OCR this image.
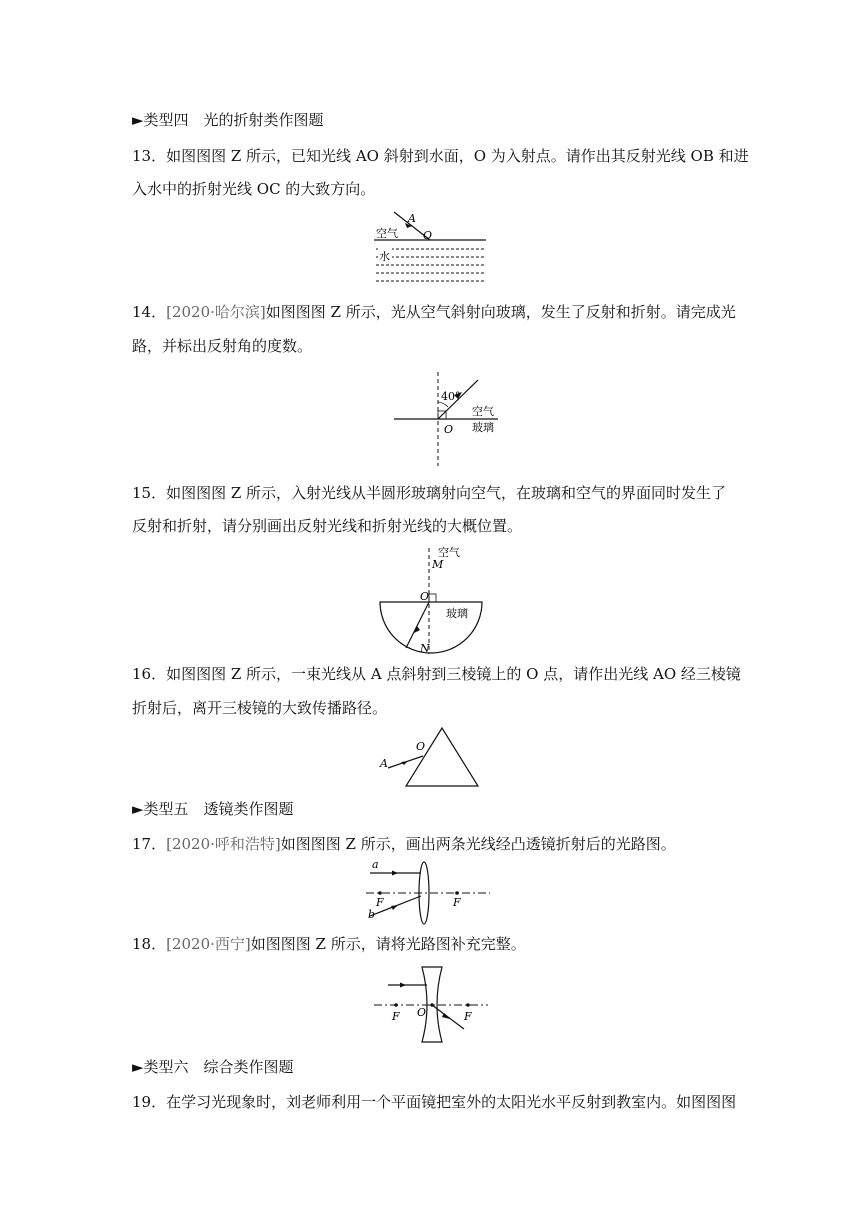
►类型四　光的折射类作图题
13．如图图图 Z 所示，已知光线 AO 斜射到水面，O 为入射点。请作出其反射光线 OB 和进
入水中的折射光线 OC 的大致方向。
A
O
空气
水
14．[2020·哈尔滨]如图图图 Z 所示，光从空气斜射向玻璃，发生了反射和折射。请完成光
路，并标出反射角的度数。
40°
O
空气
玻璃
15．如图图图 Z 所示，入射光线从半圆形玻璃射向空气，在玻璃和空气的界面同时发生了
反射和折射，请分别画出反射光线和折射光线的大概位置。
空气
M
O
玻璃
N
16．如图图图 Z 所示，一束光线从 A 点斜射到三棱镜上的 O 点，请作出光线 AO 经三棱镜
折射后，离开三棱镜的大致传播路径。
O
A
►类型五　透镜类作图题
17．[2020·呼和浩特]如图图图 Z 所示，画出两条光线经凸透镜折射后的光路图。
a
b
F	F
18．[2020·西宁]如图图图 Z 所示，请将光路图补充完整。
F O	F
►类型六　综合类作图题
19．在学习光现象时，刘老师利用一个平面镜把室外的太阳光水平反射到教室内。如图图图
